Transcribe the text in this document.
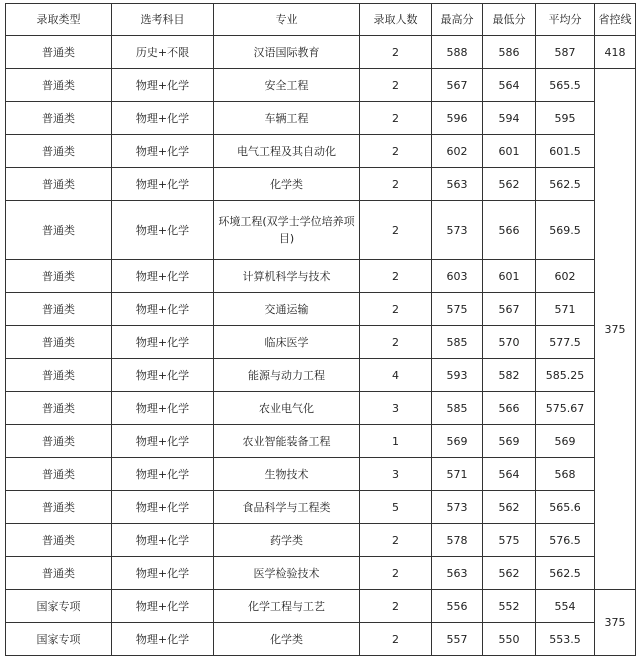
录取类型	选考科目	专业	录取人数	最高分	最低分	平均分	省控线
普通类	历史+不限	汉语国际教育	2	588	586	587	418
普通类	物理+化学	安全工程	2	567	564	565.5	375
普通类	物理+化学	车辆工程	2	596	594	595	
普通类	物理+化学	电气工程及其自动化	2	602	601	601.5	
普通类	物理+化学	化学类	2	563	562	562.5	
普通类	物理+化学	环境工程(双学士学位培养项目)	2	573	566	569.5	
普通类	物理+化学	计算机科学与技术	2	603	601	602	
普通类	物理+化学	交通运输	2	575	567	571	
普通类	物理+化学	临床医学	2	585	570	577.5	
普通类	物理+化学	能源与动力工程	4	593	582	585.25	
普通类	物理+化学	农业电气化	3	585	566	575.67	
普通类	物理+化学	农业智能装备工程	1	569	569	569	
普通类	物理+化学	生物技术	3	571	564	568	
普通类	物理+化学	食品科学与工程类	5	573	562	565.6	
普通类	物理+化学	药学类	2	578	575	576.5	
普通类	物理+化学	医学检验技术	2	563	562	562.5	
国家专项	物理+化学	化学工程与工艺	2	556	552	554	375
国家专项	物理+化学	化学类	2	557	550	553.5	
